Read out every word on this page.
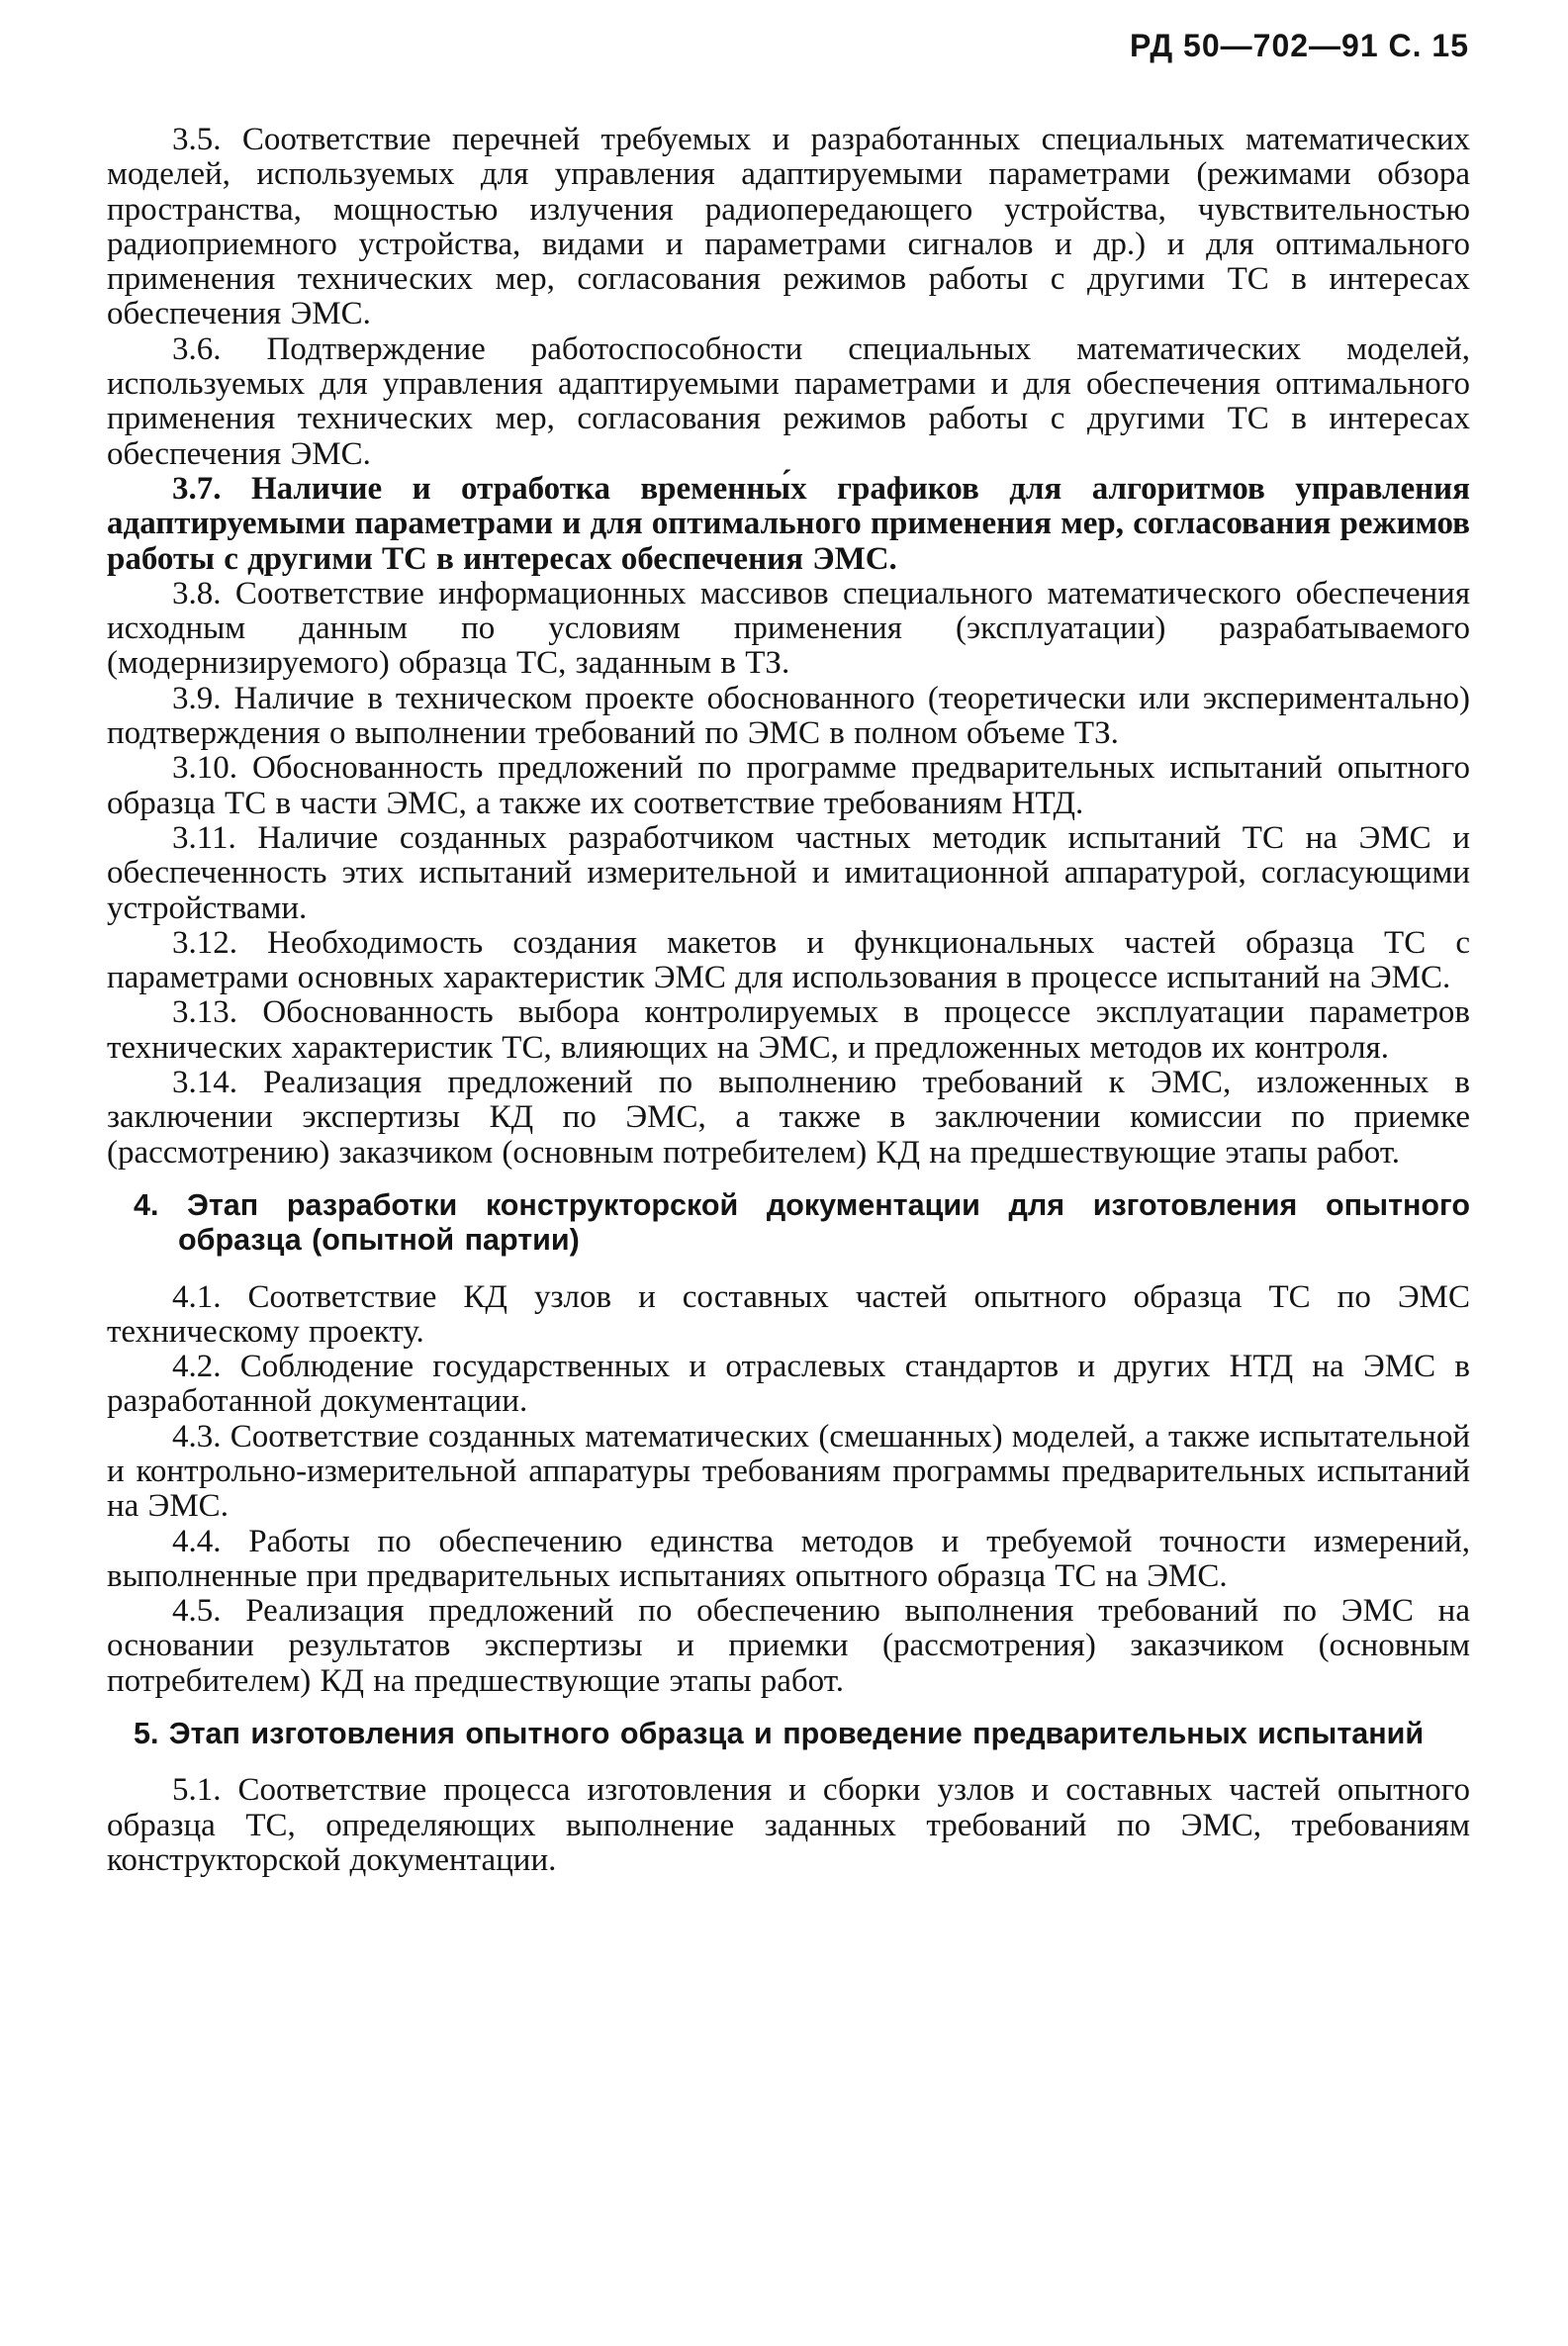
РД 50—702—91 С. 15

3.5. Соответствие перечней требуемых и разработанных специальных математических моделей, используемых для управления адаптируемыми параметрами (режимами обзора пространства, мощностью излучения радиопередающего устройства, чувствительностью радиоприемного устройства, видами и параметрами сигналов и др.) и для оптимального применения технических мер, согласования режимов работы с другими ТС в интересах обеспечения ЭМС.

3.6. Подтверждение работоспособности специальных математических моделей, используемых для управления адаптируемыми параметрами и для обеспечения оптимального применения технических мер, согласования режимов работы с другими ТС в интересах обеспечения ЭМС.

3.7. Наличие и отработка временны́х графиков для алгоритмов управления адаптируемыми параметрами и для оптимального применения мер, согласования режимов работы с другими ТС в интересах обеспечения ЭМС.

3.8. Соответствие информационных массивов специального математического обеспечения исходным данным по условиям применения (эксплуатации) разрабатываемого (модернизируемого) образца ТС, заданным в ТЗ.

3.9. Наличие в техническом проекте обоснованного (теоретически или экспериментально) подтверждения о выполнении требований по ЭМС в полном объеме ТЗ.

3.10. Обоснованность предложений по программе предварительных испытаний опытного образца ТС в части ЭМС, а также их соответствие требованиям НТД.

3.11. Наличие созданных разработчиком частных методик испытаний ТС на ЭМС и обеспеченность этих испытаний измерительной и имитационной аппаратурой, согласующими устройствами.

3.12. Необходимость создания макетов и функциональных частей образца ТС с параметрами основных характеристик ЭМС для использования в процессе испытаний на ЭМС.

3.13. Обоснованность выбора контролируемых в процессе эксплуатации параметров технических характеристик ТС, влияющих на ЭМС, и предложенных методов их контроля.

3.14. Реализация предложений по выполнению требований к ЭМС, изложенных в заключении экспертизы КД по ЭМС, а также в заключении комиссии по приемке (рассмотрению) заказчиком (основным потребителем) КД на предшествующие этапы работ.

4. Этап разработки конструкторской документации для изготовления опытного образца (опытной партии)

4.1. Соответствие КД узлов и составных частей опытного образца ТС по ЭМС техническому проекту.

4.2. Соблюдение государственных и отраслевых стандартов и других НТД на ЭМС в разработанной документации.

4.3. Соответствие созданных математических (смешанных) моделей, а также испытательной и контрольно-измерительной аппаратуры требованиям программы предварительных испытаний на ЭМС.

4.4. Работы по обеспечению единства методов и требуемой точности измерений, выполненные при предварительных испытаниях опытного образца ТС на ЭМС.

4.5. Реализация предложений по обеспечению выполнения требований по ЭМС на основании результатов экспертизы и приемки (рассмотрения) заказчиком (основным потребителем) КД на предшествующие этапы работ.

5. Этап изготовления опытного образца и проведение предварительных испытаний

5.1. Соответствие процесса изготовления и сборки узлов и составных частей опытного образца ТС, определяющих выполнение заданных требований по ЭМС, требованиям конструкторской документации.
